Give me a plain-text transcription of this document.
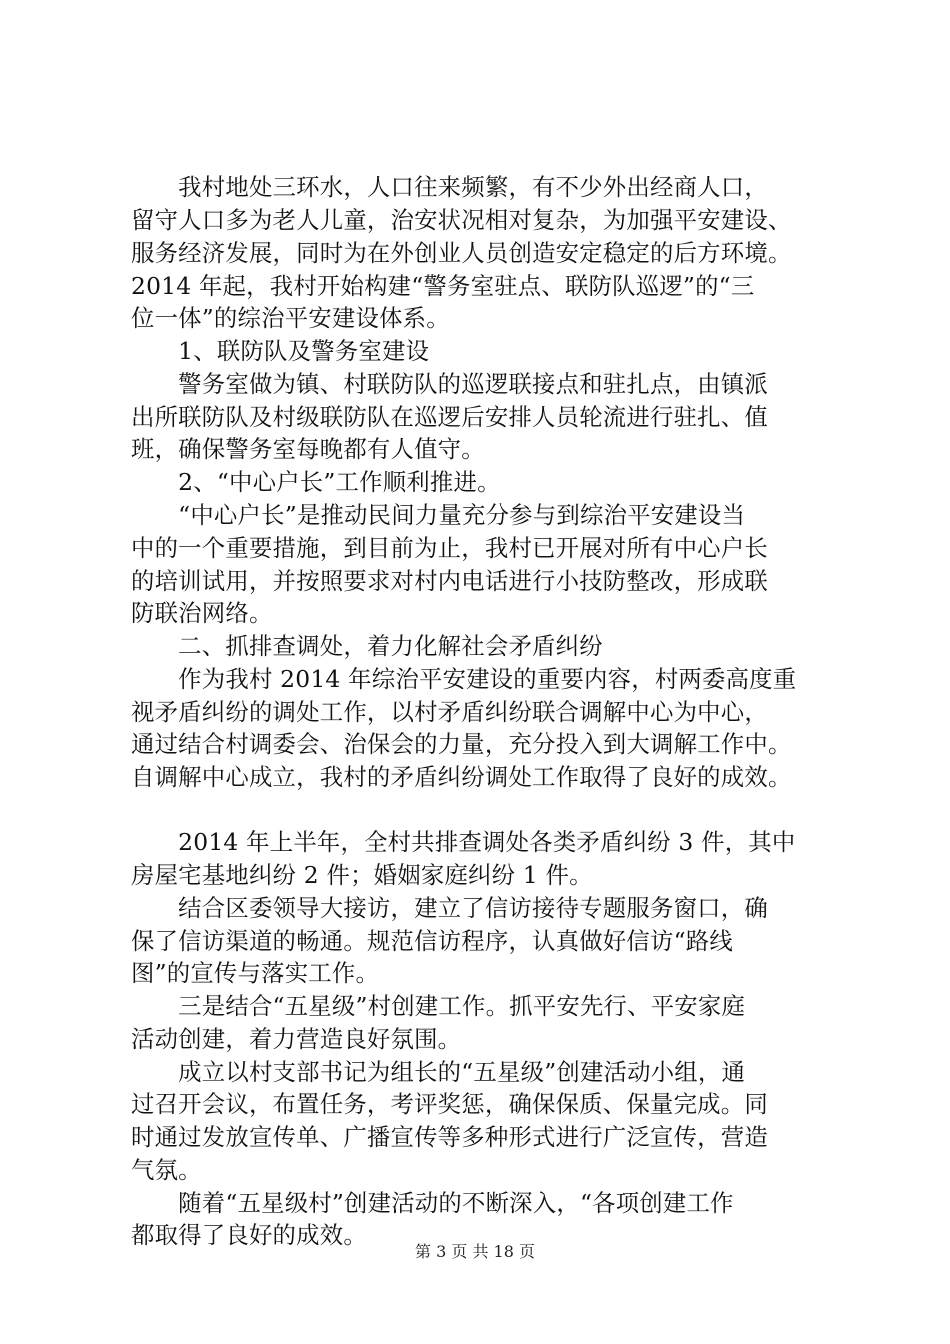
　　我村地处三环水，人口往来频繁，有不少外出经商人口，
留守人口多为老人儿童，治安状况相对复杂，为加强平安建设、
服务经济发展，同时为在外创业人员创造安定稳定的后方环境。
2014 年起，我村开始构建“警务室驻点、联防队巡逻”的“三
位一体”的综治平安建设体系。
　　1、联防队及警务室建设
　　警务室做为镇、村联防队的巡逻联接点和驻扎点，由镇派
出所联防队及村级联防队在巡逻后安排人员轮流进行驻扎、值
班，确保警务室每晚都有人值守。
　　2、“中心户长”工作顺利推进。
　　“中心户长”是推动民间力量充分参与到综治平安建设当
中的一个重要措施，到目前为止，我村已开展对所有中心户长
的培训试用，并按照要求对村内电话进行小技防整改，形成联
防联治网络。
　　二、抓排查调处，着力化解社会矛盾纠纷
　　作为我村 2014 年综治平安建设的重要内容，村两委高度重
视矛盾纠纷的调处工作，以村矛盾纠纷联合调解中心为中心，
通过结合村调委会、治保会的力量，充分投入到大调解工作中。
自调解中心成立，我村的矛盾纠纷调处工作取得了良好的成效。
　　2014 年上半年，全村共排查调处各类矛盾纠纷 3 件，其中
房屋宅基地纠纷 2 件；婚姻家庭纠纷 1 件。
　　结合区委领导大接访，建立了信访接待专题服务窗口，确
保了信访渠道的畅通。规范信访程序，认真做好信访“路线
图”的宣传与落实工作。
　　三是结合“五星级”村创建工作。抓平安先行、平安家庭
活动创建，着力营造良好氛围。
　　成立以村支部书记为组长的“五星级”创建活动小组，通
过召开会议，布置任务，考评奖惩，确保保质、保量完成。同
时通过发放宣传单、广播宣传等多种形式进行广泛宣传，营造
气氛。
　　随着“五星级村”创建活动的不断深入，“各项创建工作
都取得了良好的成效。
第 3 页 共 18 页
